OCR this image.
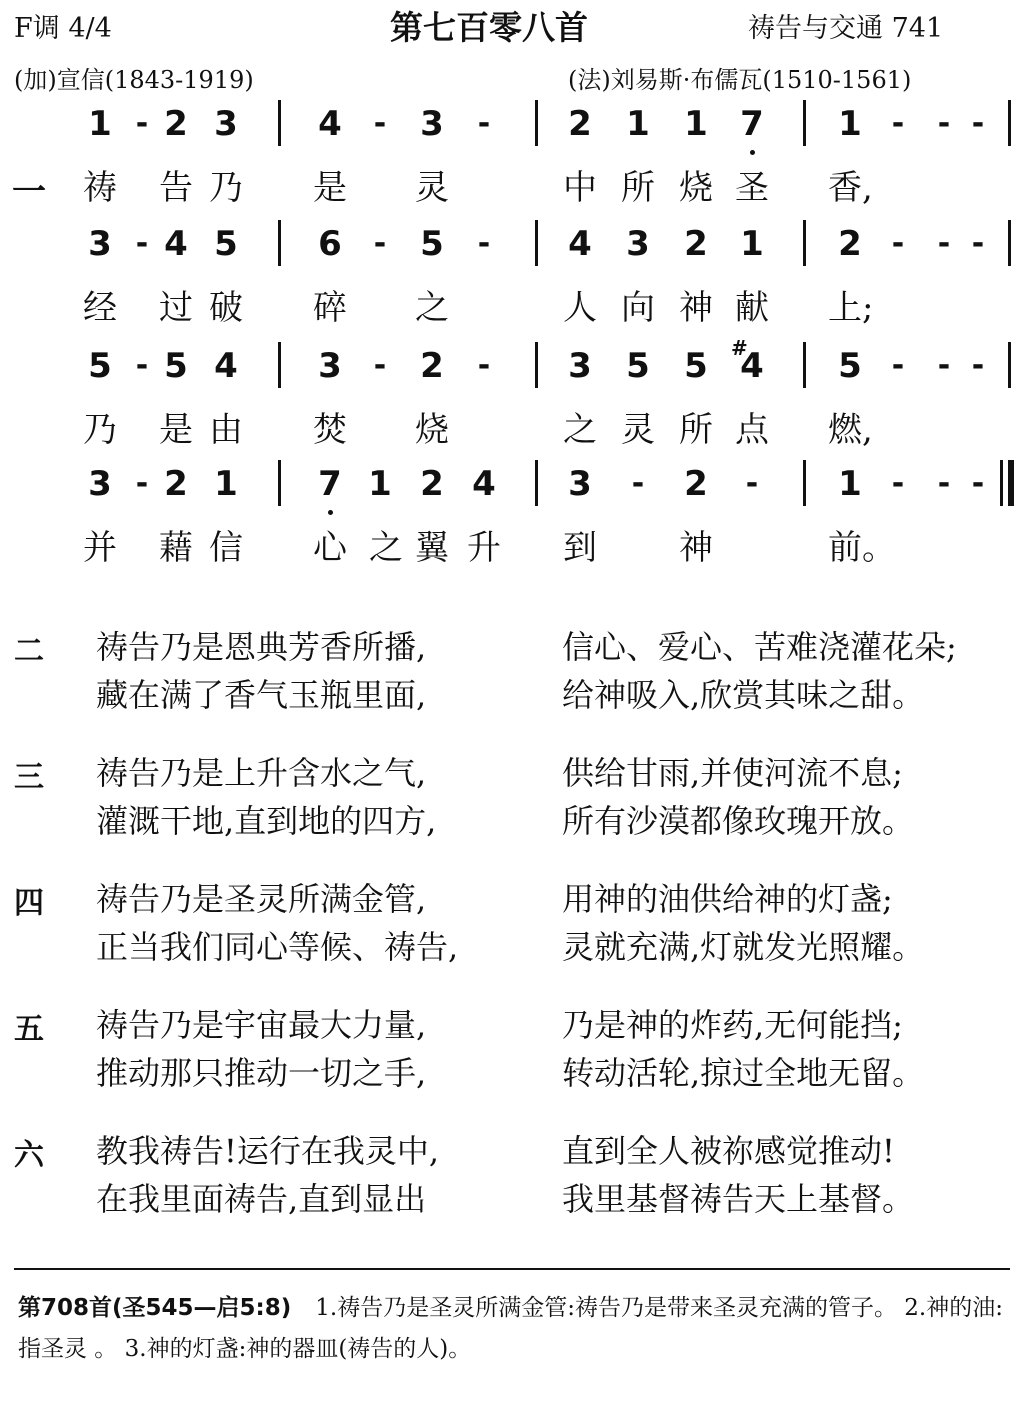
F调 4/4	第七百零八首	祷告与交通 741
(加)宣信(1843-1919)	(法)刘易斯·布儒瓦(1510-1561)
一
1 - 2 3 4	- 3	-	2 1 1 7 1 -	- -
祷 告 乃 是 灵	中 所 烧 圣 香,
3 - 4 5 6	- 5	-	4 3 2 1 2 -	- -
经 过 破 碎 之	人 向 神 献 上;
5 - 5 4 3	- 2	-	3 5 5 4 5 -	- -
乃 是 由 焚 烧	之 灵 所 点 燃,
3 - 2 1 7 1 2 4 3	-	2	-	1 -	- -
并 藉 信 心 之 翼 升 到 神	前。
#
二 祷告乃是恩典芳香所播,	信心、爱心、苦难浇灌花朵;
藏在满了香气玉瓶里面,	给神吸入,欣赏其味之甜。
三 祷告乃是上升含水之气,	供给甘雨,并使河流不息;
灌溉干地,直到地的四方,	所有沙漠都像玫瑰开放。
四 祷告乃是圣灵所满金管,	用神的油供给神的灯盏;
正当我们同心等候、祷告,	灵就充满,灯就发光照耀。
五 祷告乃是宇宙最大力量,	乃是神的炸药,无何能挡;
推动那只推动一切之手,	转动活轮,掠过全地无留。
六 教我祷告!运行在我灵中,	直到全人被祢感觉推动!
在我里面祷告,直到显出	我里基督祷告天上基督。
第708首(圣545—启5:8) 1.祷告乃是圣灵所满金管:祷告乃是带来圣灵充满的管子。 2.神的油:指圣灵 。 3.神的灯盏:神的器皿(祷告的人)。
